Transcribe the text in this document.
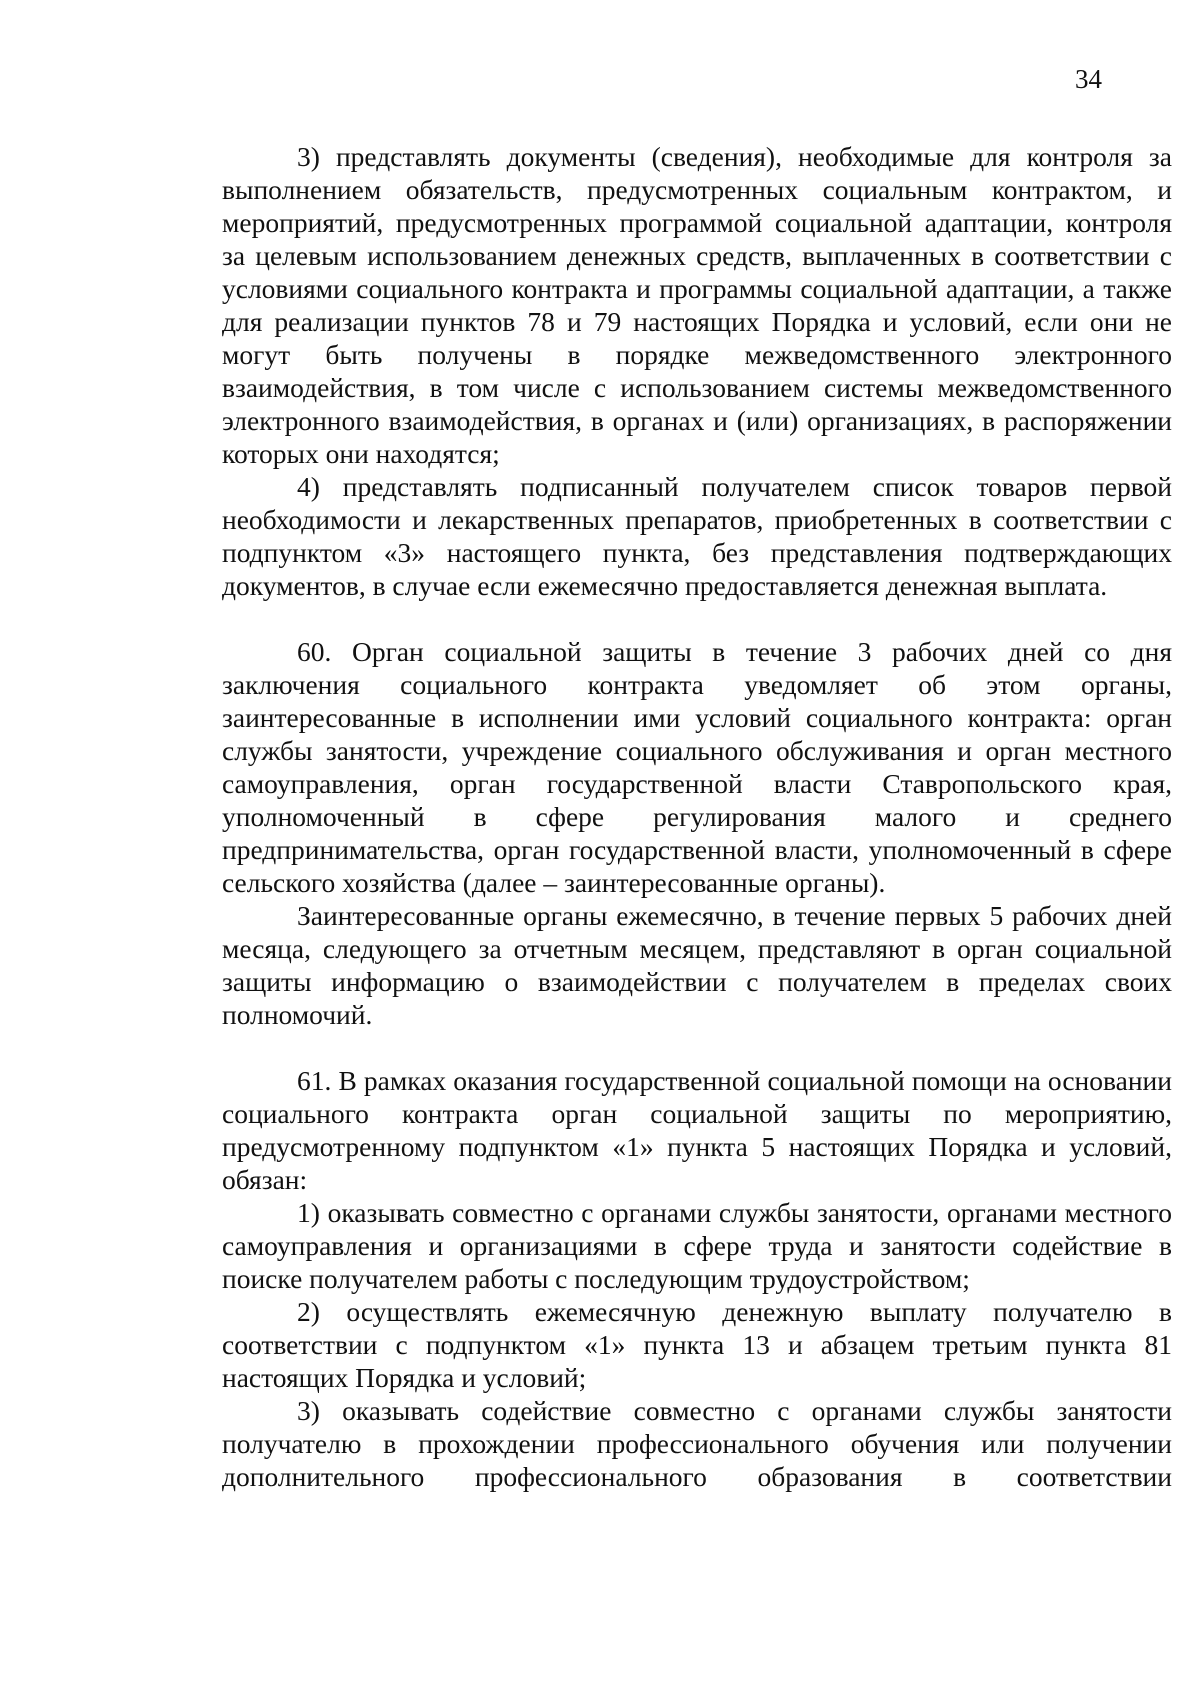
34

3) представлять документы (сведения), необходимые для контроля за выполнением обязательств, предусмотренных социальным контрактом, и мероприятий, предусмотренных программой социальной адаптации, контроля за целевым использованием денежных средств, выплаченных в соответствии с условиями социального контракта и программы социальной адаптации, а также для реализации пунктов 78 и 79 настоящих Порядка и условий, если они не могут быть получены в порядке межведомственного электронного взаимодействия, в том числе с использованием системы межведомственного электронного взаимодействия, в органах и (или) организациях, в распоряжении которых они находятся;

4) представлять подписанный получателем список товаров первой необходимости и лекарственных препаратов, приобретенных в соответствии с подпунктом «3» настоящего пункта, без представления подтверждающих документов, в случае если ежемесячно предоставляется денежная выплата.

60. Орган социальной защиты в течение 3 рабочих дней со дня заключения социального контракта уведомляет об этом органы, заинтересованные в исполнении ими условий социального контракта: орган службы занятости, учреждение социального обслуживания и орган местного самоуправления, орган государственной власти Ставропольского края, уполномоченный в сфере регулирования малого и среднего предпринимательства, орган государственной власти, уполномоченный в сфере сельского хозяйства (далее – заинтересованные органы).

Заинтересованные органы ежемесячно, в течение первых 5 рабочих дней месяца, следующего за отчетным месяцем, представляют в орган социальной защиты информацию о взаимодействии с получателем в пределах своих полномочий.

61. В рамках оказания государственной социальной помощи на основании социального контракта орган социальной защиты по мероприятию, предусмотренному подпунктом «1» пункта 5 настоящих Порядка и условий, обязан:

1) оказывать совместно с органами службы занятости, органами местного самоуправления и организациями в сфере труда и занятости содействие в поиске получателем работы с последующим трудоустройством;

2) осуществлять ежемесячную денежную выплату получателю в соответствии с подпунктом «1» пункта 13 и абзацем третьим пункта 81 настоящих Порядка и условий;

3) оказывать содействие совместно с органами службы занятости получателю в прохождении профессионального обучения или получении дополнительного профессионального образования в соответствии
